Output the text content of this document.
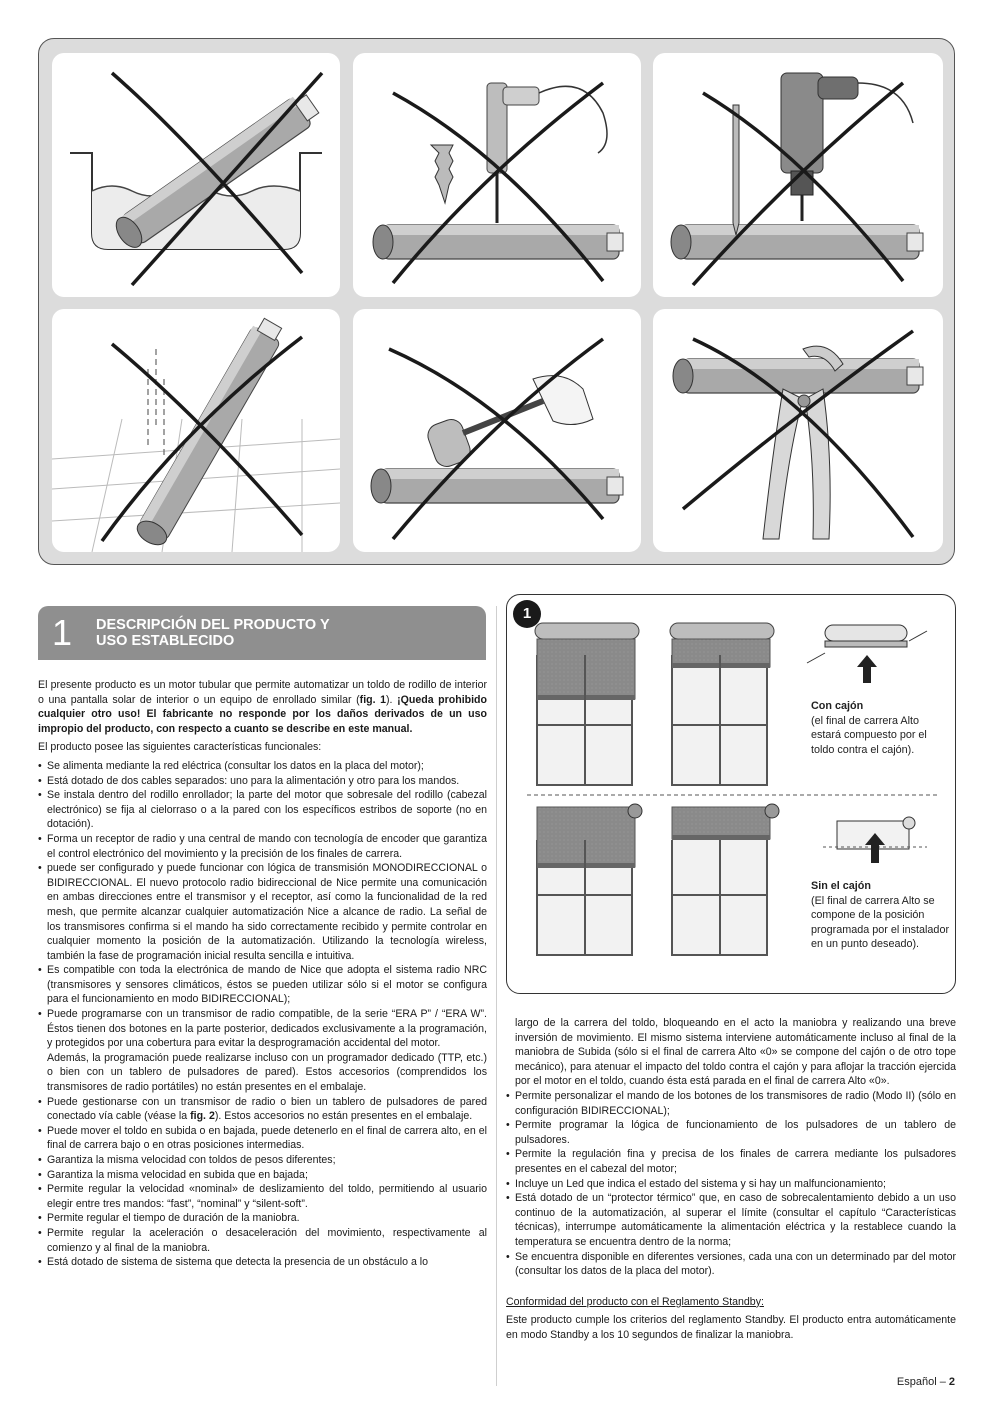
1 DESCRIPCIÓN DEL PRODUCTO Y
USO ESTABLECIDO

El presente producto es un motor tubular que permite automatizar un toldo de rodillo de interior o una pantalla solar de interior o un equipo de enrollado similar (fig. 1). ¡Queda prohibido cualquier otro uso! El fabricante no responde por los daños derivados de un uso impropio del producto, con respecto a cuanto se describe en este manual.

El producto posee las siguientes características funcionales:

• Se alimenta mediante la red eléctrica (consultar los datos en la placa del motor);
• Está dotado de dos cables separados: uno para la alimentación y otro para los mandos.
• Se instala dentro del rodillo enrollador; la parte del motor que sobresale del rodillo (cabezal electrónico) se fija al cielorraso o a la pared con los específicos estribos de soporte (no en dotación).
• Forma un receptor de radio y una central de mando con tecnología de encoder que garantiza el control electrónico del movimiento y la precisión de los finales de carrera.
• puede ser configurado y puede funcionar con lógica de transmisión MONODIRECCIONAL o BIDIRECCIONAL. El nuevo protocolo radio bidireccional de Nice permite una comunicación en ambas direcciones entre el transmisor y el receptor, así como la funcionalidad de la red mesh, que permite alcanzar cualquier automatización Nice a alcance de radio. La señal de los transmisores confirma si el mando ha sido correctamente recibido y permite controlar en cualquier momento la posición de la automatización. Utilizando la tecnología wireless, también la fase de programación inicial resulta sencilla e intuitiva.
• Es compatible con toda la electrónica de mando de Nice que adopta el sistema radio NRC (transmisores y sensores climáticos, éstos se pueden utilizar sólo si el motor se configura para el funcionamiento en modo BIDIRECCIONAL);
• Puede programarse con un transmisor de radio compatible, de la serie “ERA P” / “ERA W”. Éstos tienen dos botones en la parte posterior, dedicados exclusivamente a la programación, y protegidos por una cobertura para evitar la desprogramación accidental del motor.
Además, la programación puede realizarse incluso con un programador dedicado (TTP, etc.) o bien con un tablero de pulsadores de pared). Estos accesorios (comprendidos los transmisores de radio portátiles) no están presentes en el embalaje.
• Puede gestionarse con un transmisor de radio o bien un tablero de pulsadores de pared conectado vía cable (véase la fig. 2). Estos accesorios no están presentes en el embalaje.
• Puede mover el toldo en subida o en bajada, puede detenerlo en el final de carrera alto, en el final de carrera bajo o en otras posiciones intermedias.
• Garantiza la misma velocidad con toldos de pesos diferentes;
• Garantiza la misma velocidad en subida que en bajada;
• Permite regular la velocidad «nominal» de deslizamiento del toldo, permitiendo al usuario elegir entre tres mandos: “fast”, “nominal” y “silent-soft”.
• Permite regular el tiempo de duración de la maniobra.
• Permite regular la aceleración o desaceleración del movimiento, respectivamente al comienzo y al final de la maniobra.
• Está dotado de sistema de sistema que detecta la presencia de un obstáculo a lo
1
Con cajón
(el final de carrera Alto estará compuesto por el toldo contra el cajón).
Sin el cajón
(El final de carrera Alto se compone de la posición programada por el instalador en un punto deseado).
largo de la carrera del toldo, bloqueando en el acto la maniobra y realizando una breve inversión de movimiento. El mismo sistema interviene automáticamente incluso al final de la maniobra de Subida (sólo si el final de carrera Alto «0» se compone del cajón o de otro tope mecánico), para atenuar el impacto del toldo contra el cajón y para aflojar la tracción ejercida por el motor en el toldo, cuando ésta está parada en el final de carrera Alto «0».
• Permite personalizar el mando de los botones de los transmisores de radio (Modo II) (sólo en configuración BIDIRECCIONAL);
• Permite programar la lógica de funcionamiento de los pulsadores de un tablero de pulsadores.
• Permite la regulación fina y precisa de los finales de carrera mediante los pulsadores presentes en el cabezal del motor;
• Incluye un Led que indica el estado del sistema y si hay un malfuncionamiento;
• Está dotado de un “protector térmico” que, en caso de sobrecalentamiento debido a un uso continuo de la automatización, al superar el límite (consultar el capítulo “Características técnicas), interrumpe automáticamente la alimentación eléctrica y la restablece cuando la temperatura se encuentra dentro de la norma;
• Se encuentra disponible en diferentes versiones, cada una con un determinado par del motor (consultar los datos de la placa del motor).

Conformidad del producto con el Reglamento Standby:

Este producto cumple los criterios del reglamento Standby. El producto entra automáticamente en modo Standby a los 10 segundos de finalizar la maniobra.

Español – 2
